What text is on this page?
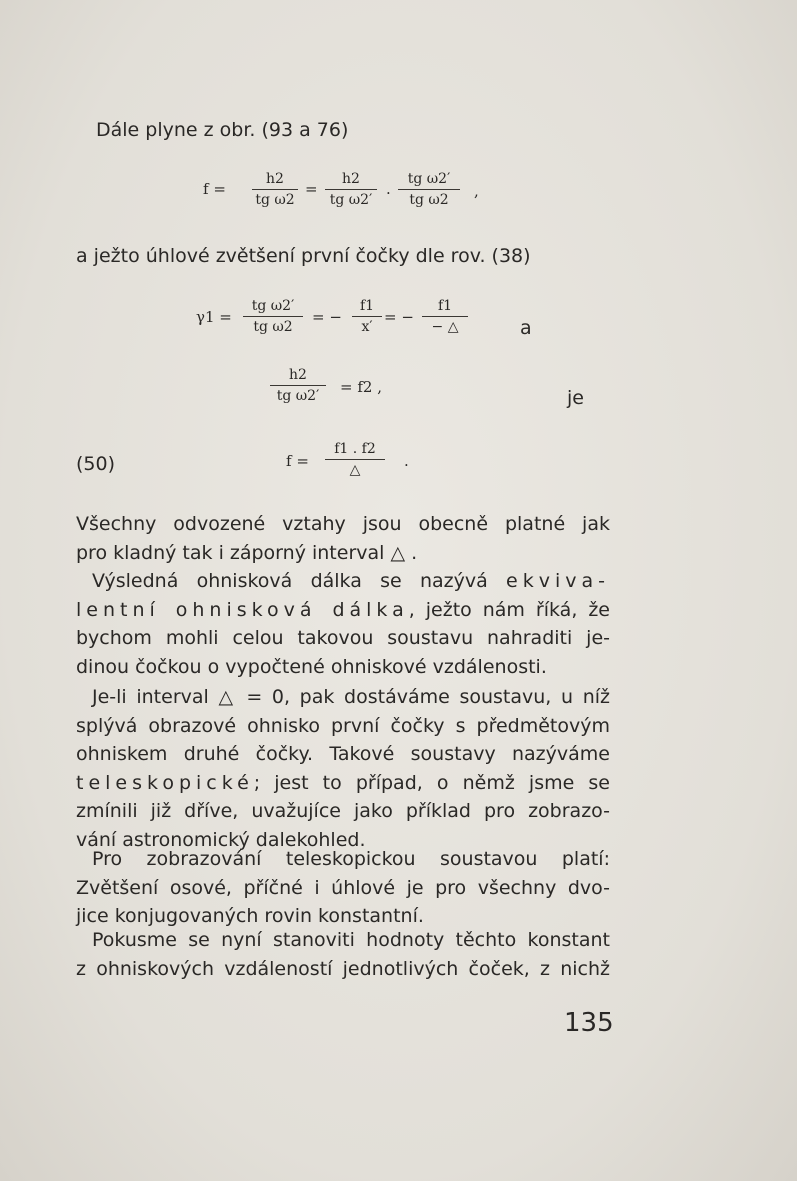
Dále plyne z obr. (93 a 76)
f =
h2
tg ω2
=
h2
tg ω2′
.
tg ω2′
tg ω2	,
a ježto úhlové zvětšení první čočky dle rov. (38)
γ1 =
tg ω2′
tg ω2
= −
f1
x′
= −
f1
− △	a
h2
tg ω2′	= f2 ,	je
(50)	f =
f1 . f2
△	.
Všechny odvozené vztahy jsou obecně platné jak
pro kladný tak i záporný interval △ .
Výsledná ohnisková dálka se nazývá ekviva-
lentní ohnisková dálka, ježto nám říká, že
bychom mohli celou takovou soustavu nahraditi je-
dinou čočkou o vypočtené ohniskové vzdálenosti.
Je-li interval △ = 0, pak dostáváme soustavu, u níž
splývá obrazové ohnisko první čočky s předmětovým
ohniskem druhé čočky. Takové soustavy nazýváme
teleskopické; jest to případ, o němž jsme se
zmínili již dříve, uvažujíce jako příklad pro zobrazo-
vání astronomický dalekohled.
Pro zobrazování teleskopickou soustavou platí:
Zvětšení osové, příčné i úhlové je pro všechny dvo-
jice konjugovaných rovin konstantní.
Pokusme se nyní stanoviti hodnoty těchto konstant
z ohniskových vzdáleností jednotlivých čoček, z nichž
135
